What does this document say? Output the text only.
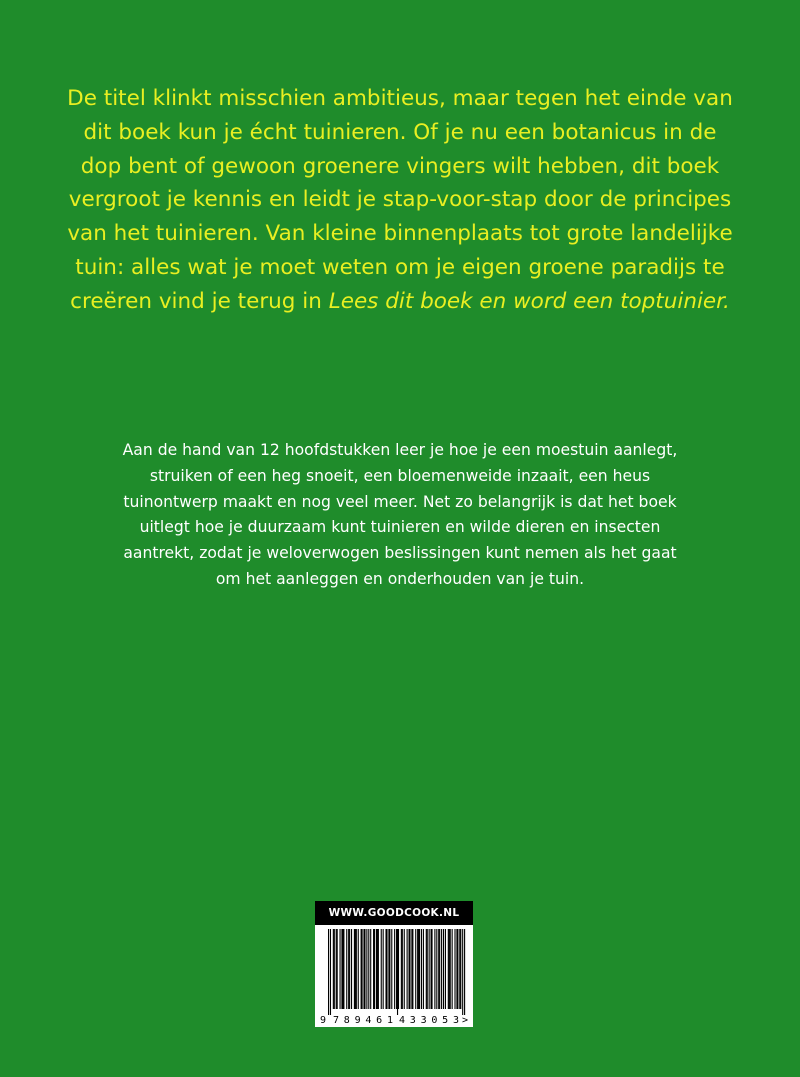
De titel klinkt misschien ambitieus, maar tegen het einde van dit boek kun je écht tuinieren. Of je nu een botanicus in de dop bent of gewoon groenere vingers wilt hebben, dit boek vergroot je kennis en leidt je stap-voor-stap door de principes van het tuinieren. Van kleine binnenplaats tot grote landelijke tuin: alles wat je moet weten om je eigen groene paradijs te creëren vind je terug in Lees dit boek en word een toptuinier.

Aan de hand van 12 hoofdstukken leer je hoe je een moestuin aanlegt, struiken of een heg snoeit, een bloemenweide inzaait, een heus tuinontwerp maakt en nog veel meer. Net zo belangrijk is dat het boek uitlegt hoe je duurzaam kunt tuinieren en wilde dieren en insecten aantrekt, zodat je weloverwogen beslissingen kunt nemen als het gaat om het aanleggen en onderhouden van je tuin.

WWW.GOODCOOK.NL
9 789461 433053 >
